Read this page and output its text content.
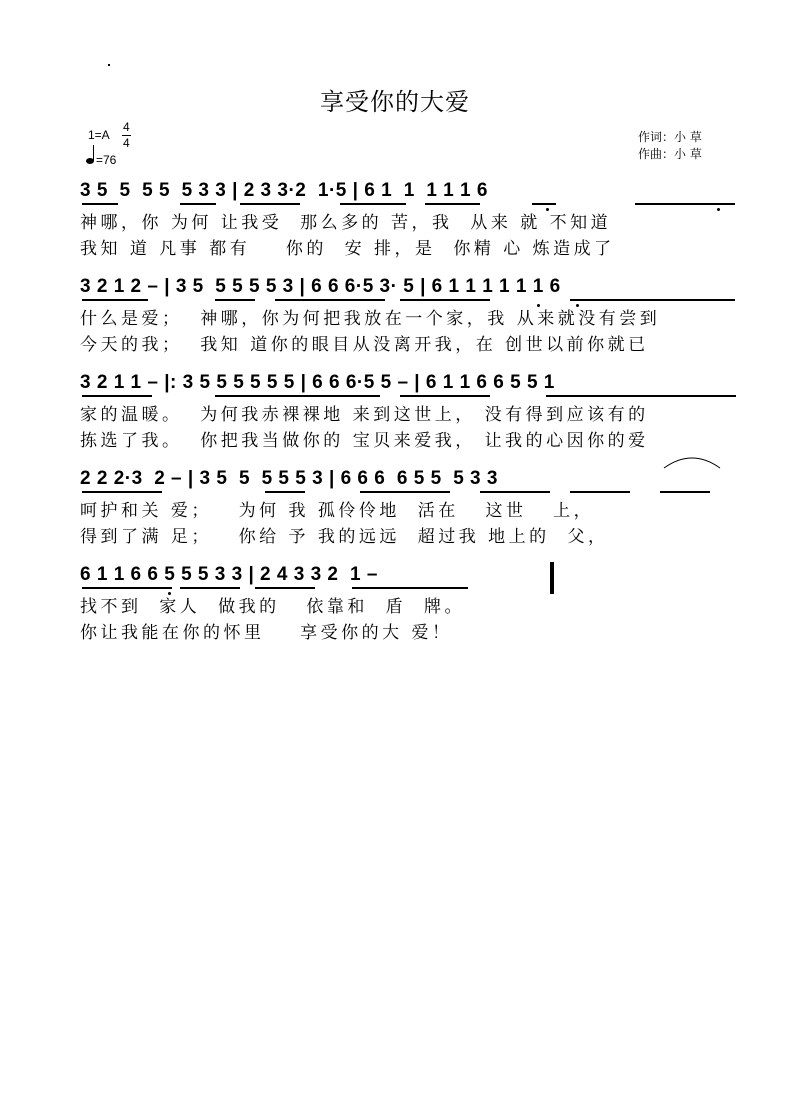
享受你的大爱
$1=A \frac{4}{4}$
=76
作词：小 草
作曲：小 草
3 5  5  5 5  5 3 3 | 2 3 3·2  1·5 | 6 1  1  1 1 1 6
神哪，你 为何 让我受  那么多的 苦，我  从来 就 不知道
我知 道 凡事 都有    你的  安 排，是  你精 心 炼造成了
3 2 1 2 – | 3 5  5 5 5 5 3 | 6 6 6·5 3· 5 | 6 1 1 1 1 1 1 6
什么是爱；  神哪，你为何把我放在一个家，我 从来就没有尝到
今天的我；  我知 道你的眼目从没离开我，在 创世以前你就已
3 2 1 1 – |: 3 5 5 5 5 5 5 | 6 6 6·5 5 – | 6 1 1 6 6 5 5 1
家的温暖。  为何我赤裸裸地 来到这世上， 没有得到应该有的
拣选了我。  你把我当做你的 宝贝来爱我， 让我的心因你的爱
2 2 2·3  2 – | 3 5  5  5 5 5 3 | 6 6 6  6 5 5  5 3 3
呵护和关 爱；   为何 我 孤伶伶地  活在   这世   上，
得到了满 足；   你给 予 我的远远  超过我 地上的  父，
6 1 1 6 6 5 5 5 3 3 | 2 4 3 3 2  1 –
找不到  家人  做我的   依靠和  盾  牌。
你让我能在你的怀里    享受你的大 爱！
